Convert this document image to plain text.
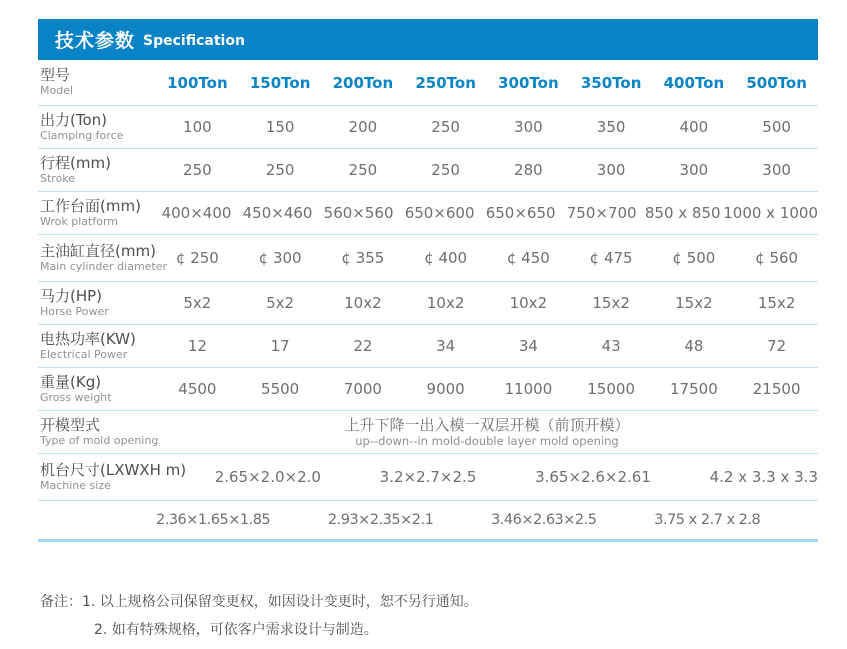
技术参数 Specification
型号
Model	100Ton 150Ton 200Ton 250Ton 300Ton 350Ton 400Ton 500Ton
出力(Ton)
Clamping force	100	150	200	250	300	350	400	500
行程(mm)
Stroke	250	250	250	250	280	300	300	300
工作台面(mm)
Wrok platform	400×400 450×460 560×560 650×600 650×650 750×700 850 x 850 1000 x 1000
主油缸直径(mm)
Main cylinder diameter ¢ 250	¢ 300	¢ 355	¢ 400	¢ 450	¢ 475	¢ 500	¢ 560
马力(HP)
Horse Power	5x2	5x2	10x2	10x2	10x2	15x2	15x2	15x2
电热功率(KW)
Electrical Power	12	17	22	34	34	43	48	72
重量(Kg)
Gross weight	4500	5500	7000	9000	11000 15000 17500 21500
开模型式
Type of mold opening
上升下降一出入模一双层开模（前顶开模）
up--down--in mold-double layer mold opening
机台尺寸(LXWXH m)
Machine size	2.65×2.0×2.0	3.2×2.7×2.5	3.65×2.6×2.61	4.2 x 3.3 x 3.3
2.36×1.65×1.85	2.93×2.35×2.1	3.46×2.63×2.5	3.75 x 2.7 x 2.8
备注： 1. 以上规格公司保留变更权，如因设计变更时，恕不另行通知。
2. 如有特殊规格，可依客户需求设计与制造。
